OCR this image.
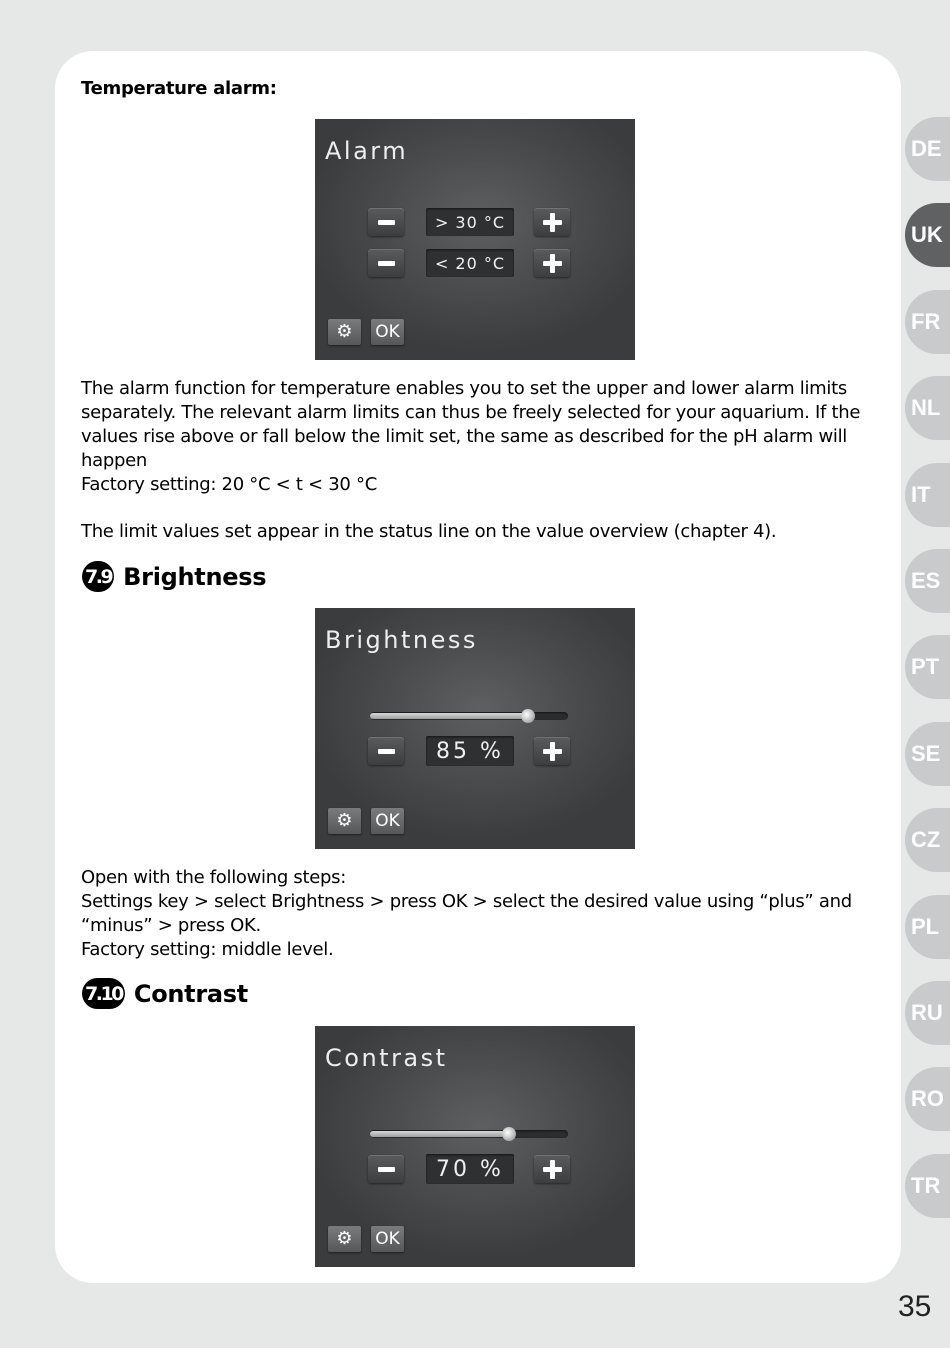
Temperature alarm:
Alarm
> 30 °C
< 20 °C
⚙ OK

The alarm function for temperature enables you to set the upper and lower alarm limits separately. The relevant alarm limits can thus be freely selected for your aquarium. If the values rise above or fall below the limit set, the same as described for the pH alarm will happen

Factory setting: 20 °C < t < 30 °C

The limit values set appear in the status line on the value overview (chapter 4).

7.9 Brightness
Brightness
85 %
⚙ OK

Open with the following steps:

Settings key > select Brightness > press OK > select the desired value using “plus” and “minus” > press OK.

Factory setting: middle level.

7.10 Contrast
Contrast
70 %
⚙ OK
DE
UK
FR
NL
IT
ES
PT
SE
CZ
PL
RU
RO
TR
35
